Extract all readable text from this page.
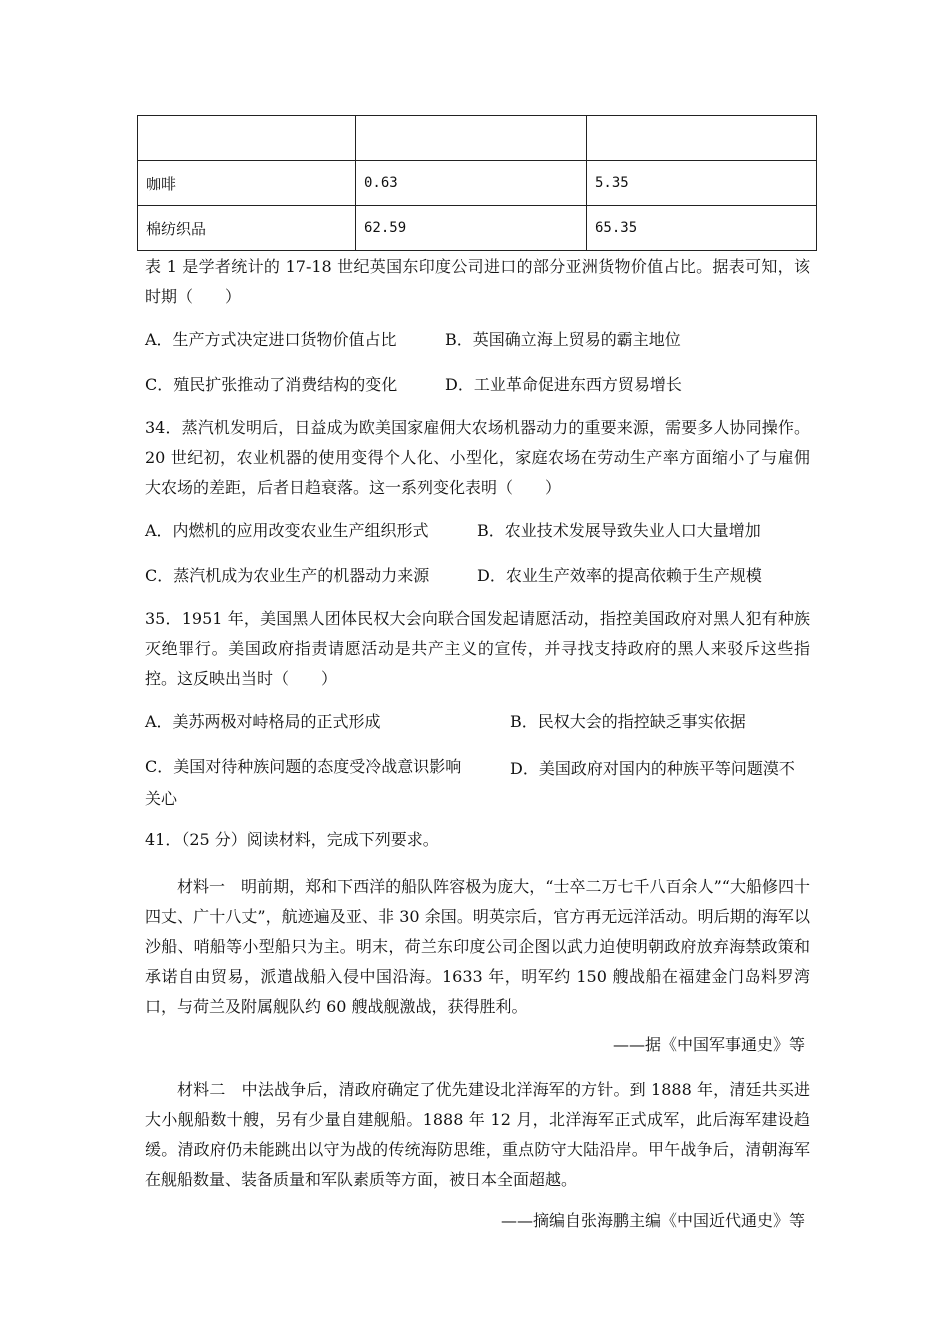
咖啡	0.63	5.35
棉纺织品	62.59	65.35
表 1 是学者统计的 17-18 世纪英国东印度公司进口的部分亚洲货物价值占比。据表可知，该时期（　　）
A．生产方式决定进口货物价值占比	B．英国确立海上贸易的霸主地位
C．殖民扩张推动了消费结构的变化	D．工业革命促进东西方贸易增长
34．蒸汽机发明后，日益成为欧美国家雇佣大农场机器动力的重要来源，需要多人协同操作。20 世纪初，农业机器的使用变得个人化、小型化，家庭农场在劳动生产率方面缩小了与雇佣大农场的差距，后者日趋衰落。这一系列变化表明（　　）
A．内燃机的应用改变农业生产组织形式	B．农业技术发展导致失业人口大量增加
C．蒸汽机成为农业生产的机器动力来源	D．农业生产效率的提高依赖于生产规模
35．1951 年，美国黑人团体民权大会向联合国发起请愿活动，指控美国政府对黑人犯有种族灭绝罪行。美国政府指责请愿活动是共产主义的宣传，并寻找支持政府的黑人来驳斥这些指控。这反映出当时（　　）
A．美苏两极对峙格局的正式形成	B．民权大会的指控缺乏事实依据
C．美国对待种族问题的态度受冷战意识影响	D．美国政府对国内的种族平等问题漠不关心
41．（25 分）阅读材料，完成下列要求。
材料一　明前期，郑和下西洋的船队阵容极为庞大，“士卒二万七千八百余人”“大船修四十四丈、广十八丈”，航迹遍及亚、非 30 余国。明英宗后，官方再无远洋活动。明后期的海军以沙船、哨船等小型船只为主。明末，荷兰东印度公司企图以武力迫使明朝政府放弃海禁政策和承诺自由贸易，派遣战船入侵中国沿海。1633 年，明军约 150 艘战船在福建金门岛料罗湾口，与荷兰及附属舰队约 60 艘战舰激战，获得胜利。
——据《中国军事通史》等
材料二　中法战争后，清政府确定了优先建设北洋海军的方针。到 1888 年，清廷共买进大小舰船数十艘，另有少量自建舰船。1888 年 12 月，北洋海军正式成军，此后海军建设趋缓。清政府仍未能跳出以守为战的传统海防思维，重点防守大陆沿岸。甲午战争后，清朝海军在舰船数量、装备质量和军队素质等方面，被日本全面超越。
——摘编自张海鹏主编《中国近代通史》等
